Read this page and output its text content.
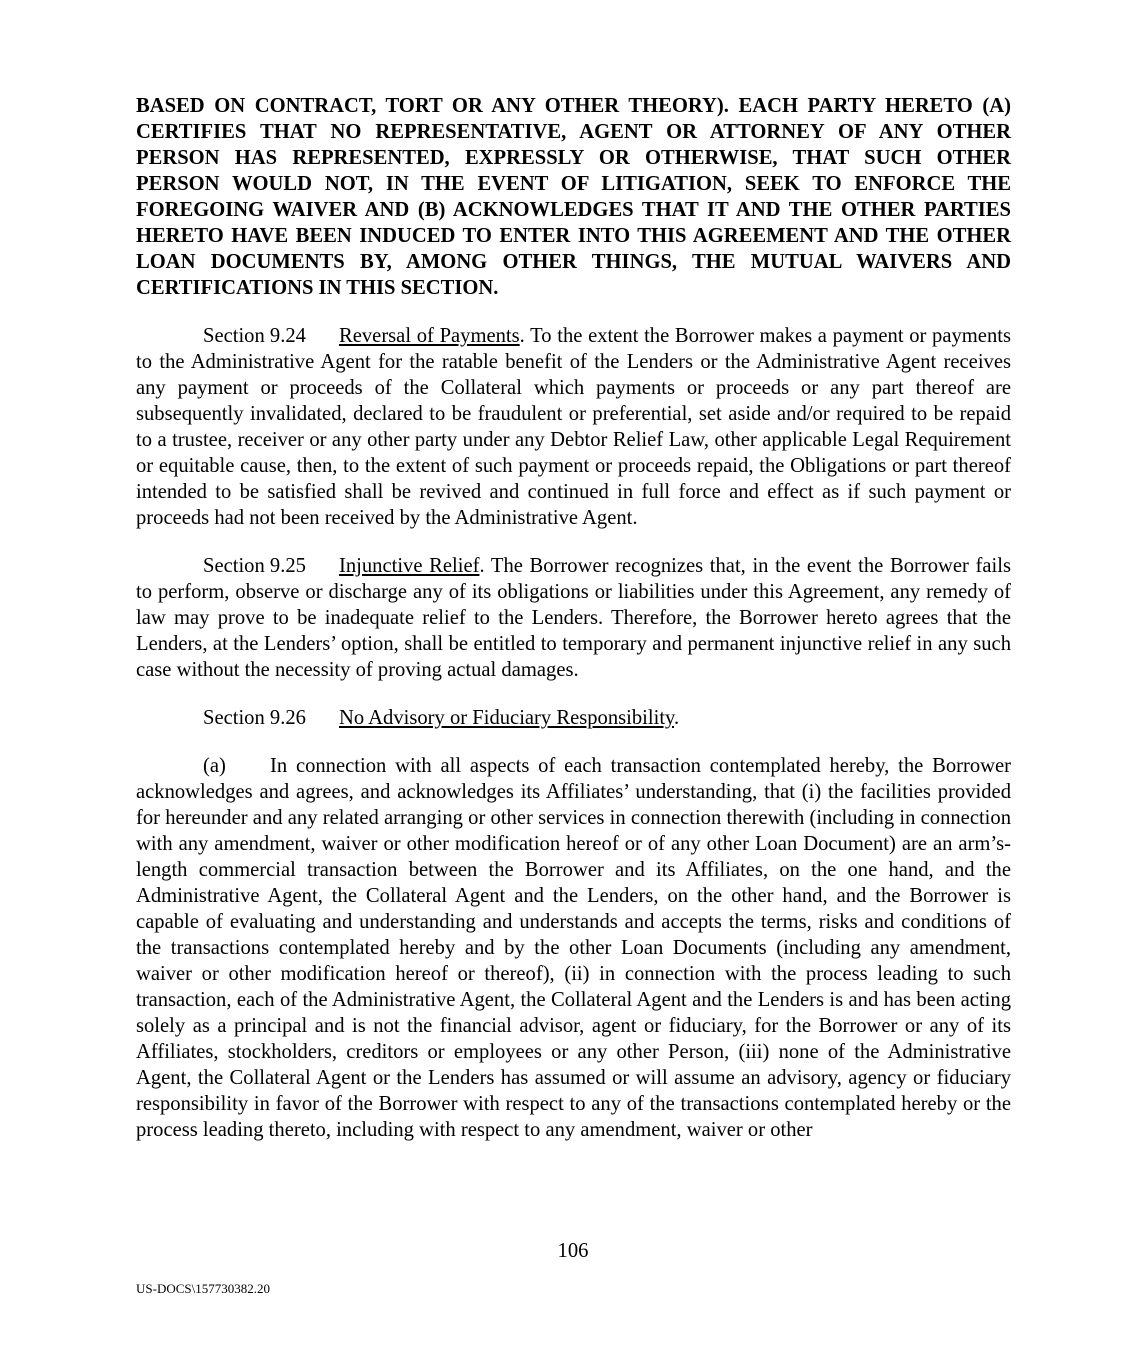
BASED ON CONTRACT, TORT OR ANY OTHER THEORY). EACH PARTY HERETO (A) CERTIFIES THAT NO REPRESENTATIVE, AGENT OR ATTORNEY OF ANY OTHER PERSON HAS REPRESENTED, EXPRESSLY OR OTHERWISE, THAT SUCH OTHER PERSON WOULD NOT, IN THE EVENT OF LITIGATION, SEEK TO ENFORCE THE FOREGOING WAIVER AND (B) ACKNOWLEDGES THAT IT AND THE OTHER PARTIES HERETO HAVE BEEN INDUCED TO ENTER INTO THIS AGREEMENT AND THE OTHER LOAN DOCUMENTS BY, AMONG OTHER THINGS, THE MUTUAL WAIVERS AND CERTIFICATIONS IN THIS SECTION.

Section 9.24 Reversal of Payments. To the extent the Borrower makes a payment or payments to the Administrative Agent for the ratable benefit of the Lenders or the Administrative Agent receives any payment or proceeds of the Collateral which payments or proceeds or any part thereof are subsequently invalidated, declared to be fraudulent or preferential, set aside and/or required to be repaid to a trustee, receiver or any other party under any Debtor Relief Law, other applicable Legal Requirement or equitable cause, then, to the extent of such payment or proceeds repaid, the Obligations or part thereof intended to be satisfied shall be revived and continued in full force and effect as if such payment or proceeds had not been received by the Administrative Agent.

Section 9.25 Injunctive Relief. The Borrower recognizes that, in the event the Borrower fails to perform, observe or discharge any of its obligations or liabilities under this Agreement, any remedy of law may prove to be inadequate relief to the Lenders. Therefore, the Borrower hereto agrees that the Lenders, at the Lenders’ option, shall be entitled to temporary and permanent injunctive relief in any such case without the necessity of proving actual damages.

Section 9.26 No Advisory or Fiduciary Responsibility.

(a) In connection with all aspects of each transaction contemplated hereby, the Borrower acknowledges and agrees, and acknowledges its Affiliates’ understanding, that (i) the facilities provided for hereunder and any related arranging or other services in connection therewith (including in connection with any amendment, waiver or other modification hereof or of any other Loan Document) are an arm’s- length commercial transaction between the Borrower and its Affiliates, on the one hand, and the Administrative Agent, the Collateral Agent and the Lenders, on the other hand, and the Borrower is capable of evaluating and understanding and understands and accepts the terms, risks and conditions of the transactions contemplated hereby and by the other Loan Documents (including any amendment, waiver or other modification hereof or thereof), (ii) in connection with the process leading to such transaction, each of the Administrative Agent, the Collateral Agent and the Lenders is and has been acting solely as a principal and is not the financial advisor, agent or fiduciary, for the Borrower or any of its Affiliates, stockholders, creditors or employees or any other Person, (iii) none of the Administrative Agent, the Collateral Agent or the Lenders has assumed or will assume an advisory, agency or fiduciary responsibility in favor of the Borrower with respect to any of the transactions contemplated hereby or the process leading thereto, including with respect to any amendment, waiver or other

106
US-DOCS\157730382.20
